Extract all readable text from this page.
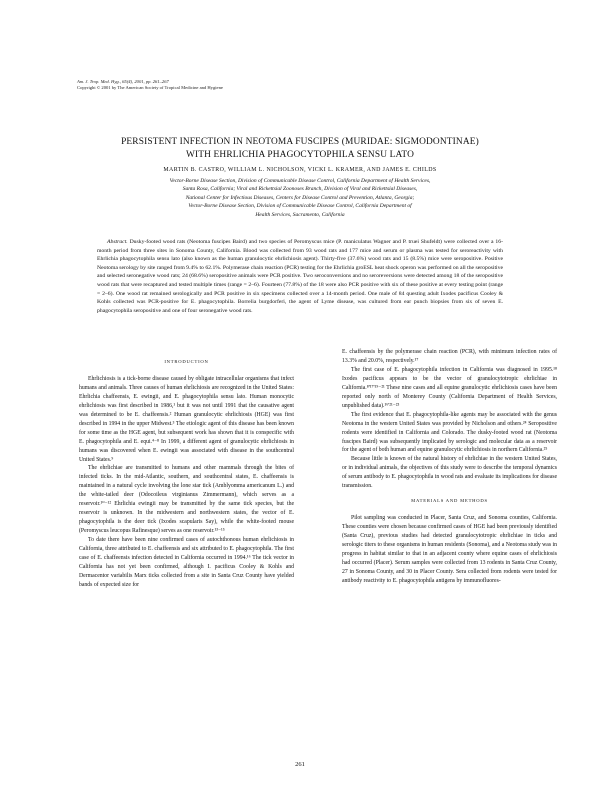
Am. J. Trop. Med. Hyg., 65(4), 2001, pp. 261–267
Copyright © 2001 by The American Society of Tropical Medicine and Hygiene
PERSISTENT INFECTION IN NEOTOMA FUSCIPES (MURIDAE: SIGMODONTINAE)
WITH EHRLICHIA PHAGOCYTOPHILA SENSU LATO
MARTIN B. CASTRO, WILLIAM L. NICHOLSON, VICKI L. KRAMER, AND JAMES E. CHILDS
Vector-Borne Disease Section, Division of Communicable Disease Control, California Department of Health Services,
Santa Rosa, California; Viral and Rickettsial Zoonoses Branch, Division of Viral and Rickettsial Diseases,
National Center for Infectious Diseases, Centers for Disease Control and Prevention, Atlanta, Georgia;
Vector-Borne Disease Section, Division of Communicable Disease Control, California Department of
Health Services, Sacramento, California
Abstract. Dusky-footed wood rats (Neotoma fuscipes Baird) and two species of Peromyscus mice (P. maniculatus Wagner and P. truei Shufeldt) were collected over a 16-month period from three sites in Sonoma County, California. Blood was collected from 93 wood rats and 177 mice and serum or plasma was tested for seroreactivity with Ehrlichia phagocytophila sensu lato (also known as the human granulocytic ehrlichiosis agent). Thirty-five (37.6%) wood rats and 15 (8.5%) mice were seropositive. Positive Neotoma serology by site ranged from 9.4% to 62.1%. Polymerase chain reaction (PCR) testing for the Ehrlichia groESL heat shock operon was performed on all the seropositive and selected seronegative wood rats; 24 (68.6%) seropositive animals were PCR positive. Two seroconversions and no seroreversions were detected among 18 of the seropositive wood rats that were recaptured and tested multiple times (range = 2–6). Fourteen (77.8%) of the 18 were also PCR positive with six of these positive at every testing point (range = 2–6). One wood rat remained serologically and PCR positive in six specimens collected over a 14-month period. One male of 84 questing adult Ixodes pacificus Cooley & Kohls collected was PCR-positive for E. phagocytophila. Borrelia burgdorferi, the agent of Lyme disease, was cultured from ear punch biopsies from six of seven E. phagocytophila seropositive and one of four seronegative wood rats.
INTRODUCTION

Ehrlichiosis is a tick-borne disease caused by obligate intracellular organisms that infect humans and animals. Three causes of human ehrlichiosis are recognized in the United States: Ehrlichia chaffeensis, E. ewingii, and E. phagocytophila sensu lato. Human monocytic ehrlichiosis was first described in 1986,¹ but it was not until 1991 that the causative agent was determined to be E. chaffeensis.² Human granulocytic ehrlichiosis (HGE) was first described in 1994 in the upper Midwest.³ The etiologic agent of this disease has been known for some time as the HGE agent, but subsequent work has shown that it is conspecific with E. phagocytophila and E. equi.⁴⁻⁸ In 1999, a different agent of granulocytic ehrlichiosis in humans was discovered when E. ewingii was associated with disease in the southcentral United States.⁹

The ehrlichiae are transmitted to humans and other mammals through the bites of infected ticks. In the mid-Atlantic, southern, and southcentral states, E. chaffeensis is maintained in a natural cycle involving the lone star tick (Amblyomma americanum L.) and the white-tailed deer (Odocoileus virginianus Zimmermann), which serves as a reservoir.¹⁰⁻¹² Ehrlichia ewingii may be transmitted by the same tick species, but the reservoir is unknown. In the midwestern and northwestern states, the vector of E. phagocytophila is the deer tick (Ixodes scapularis Say), while the white-footed mouse (Peromyscus leucopus Rafinesque) serves as one reservoir.¹³⁻¹⁵

To date there have been nine confirmed cases of autochthonous human ehrlichiosis in California, three attributed to E. chaffeensis and six attributed to E. phagocytophila. The first case of E. chaffeensis infection detected in California occurred in 1994.¹⁶ The tick vector in California has not yet been confirmed, although I. pacificus Cooley & Kohls and Dermacentor variabilis Marx ticks collected from a site in Santa Cruz County have yielded bands of expected size for

E. chaffeensis by the polymerase chain reaction (PCR), with minimum infection rates of 13.3% and 20.0%, respectively.¹⁷

The first case of E. phagocytophila infection in California was diagnosed in 1995.¹⁸ Ixodes pacificus appears to be the vector of granulocytotropic ehrlichiae in California.⁸'¹⁷'¹⁹⁻²¹ These nine cases and all equine granulocytic ehrlichiosis cases have been reported only north of Monterey County (California Department of Health Services, unpublished data).¹⁶'²¹⁻²³

The first evidence that E. phagocytophila-like agents may be associated with the genus Neotoma in the western United States was provided by Nicholson and others.²⁴ Seropositive rodents were identified in California and Colorado. The dusky-footed wood rat (Neotoma fuscipes Baird) was subsequently implicated by serologic and molecular data as a reservoir for the agent of both human and equine granulocytic ehrlichiosis in northern California.²⁵

Because little is known of the natural history of ehrlichiae in the western United States, or in individual animals, the objectives of this study were to describe the temporal dynamics of serum antibody to E. phagocytophila in wood rats and evaluate its implications for disease transmission.

MATERIALS AND METHODS

Pilot sampling was conducted in Placer, Santa Cruz, and Sonoma counties, California. These counties were chosen because confirmed cases of HGE had been previously identified (Santa Cruz), previous studies had detected granulocytotropic ehrlichiae in ticks and serologic titers to these organisms in human residents (Sonoma), and a Neotoma study was in progress in habitat similar to that in an adjacent county where equine cases of ehrlichiosis had occurred (Placer). Serum samples were collected from 13 rodents in Santa Cruz County, 27 in Sonoma County, and 30 in Placer County. Sera collected from rodents were tested for antibody reactivity to E. phagocytophila antigens by immunofluores-

261
